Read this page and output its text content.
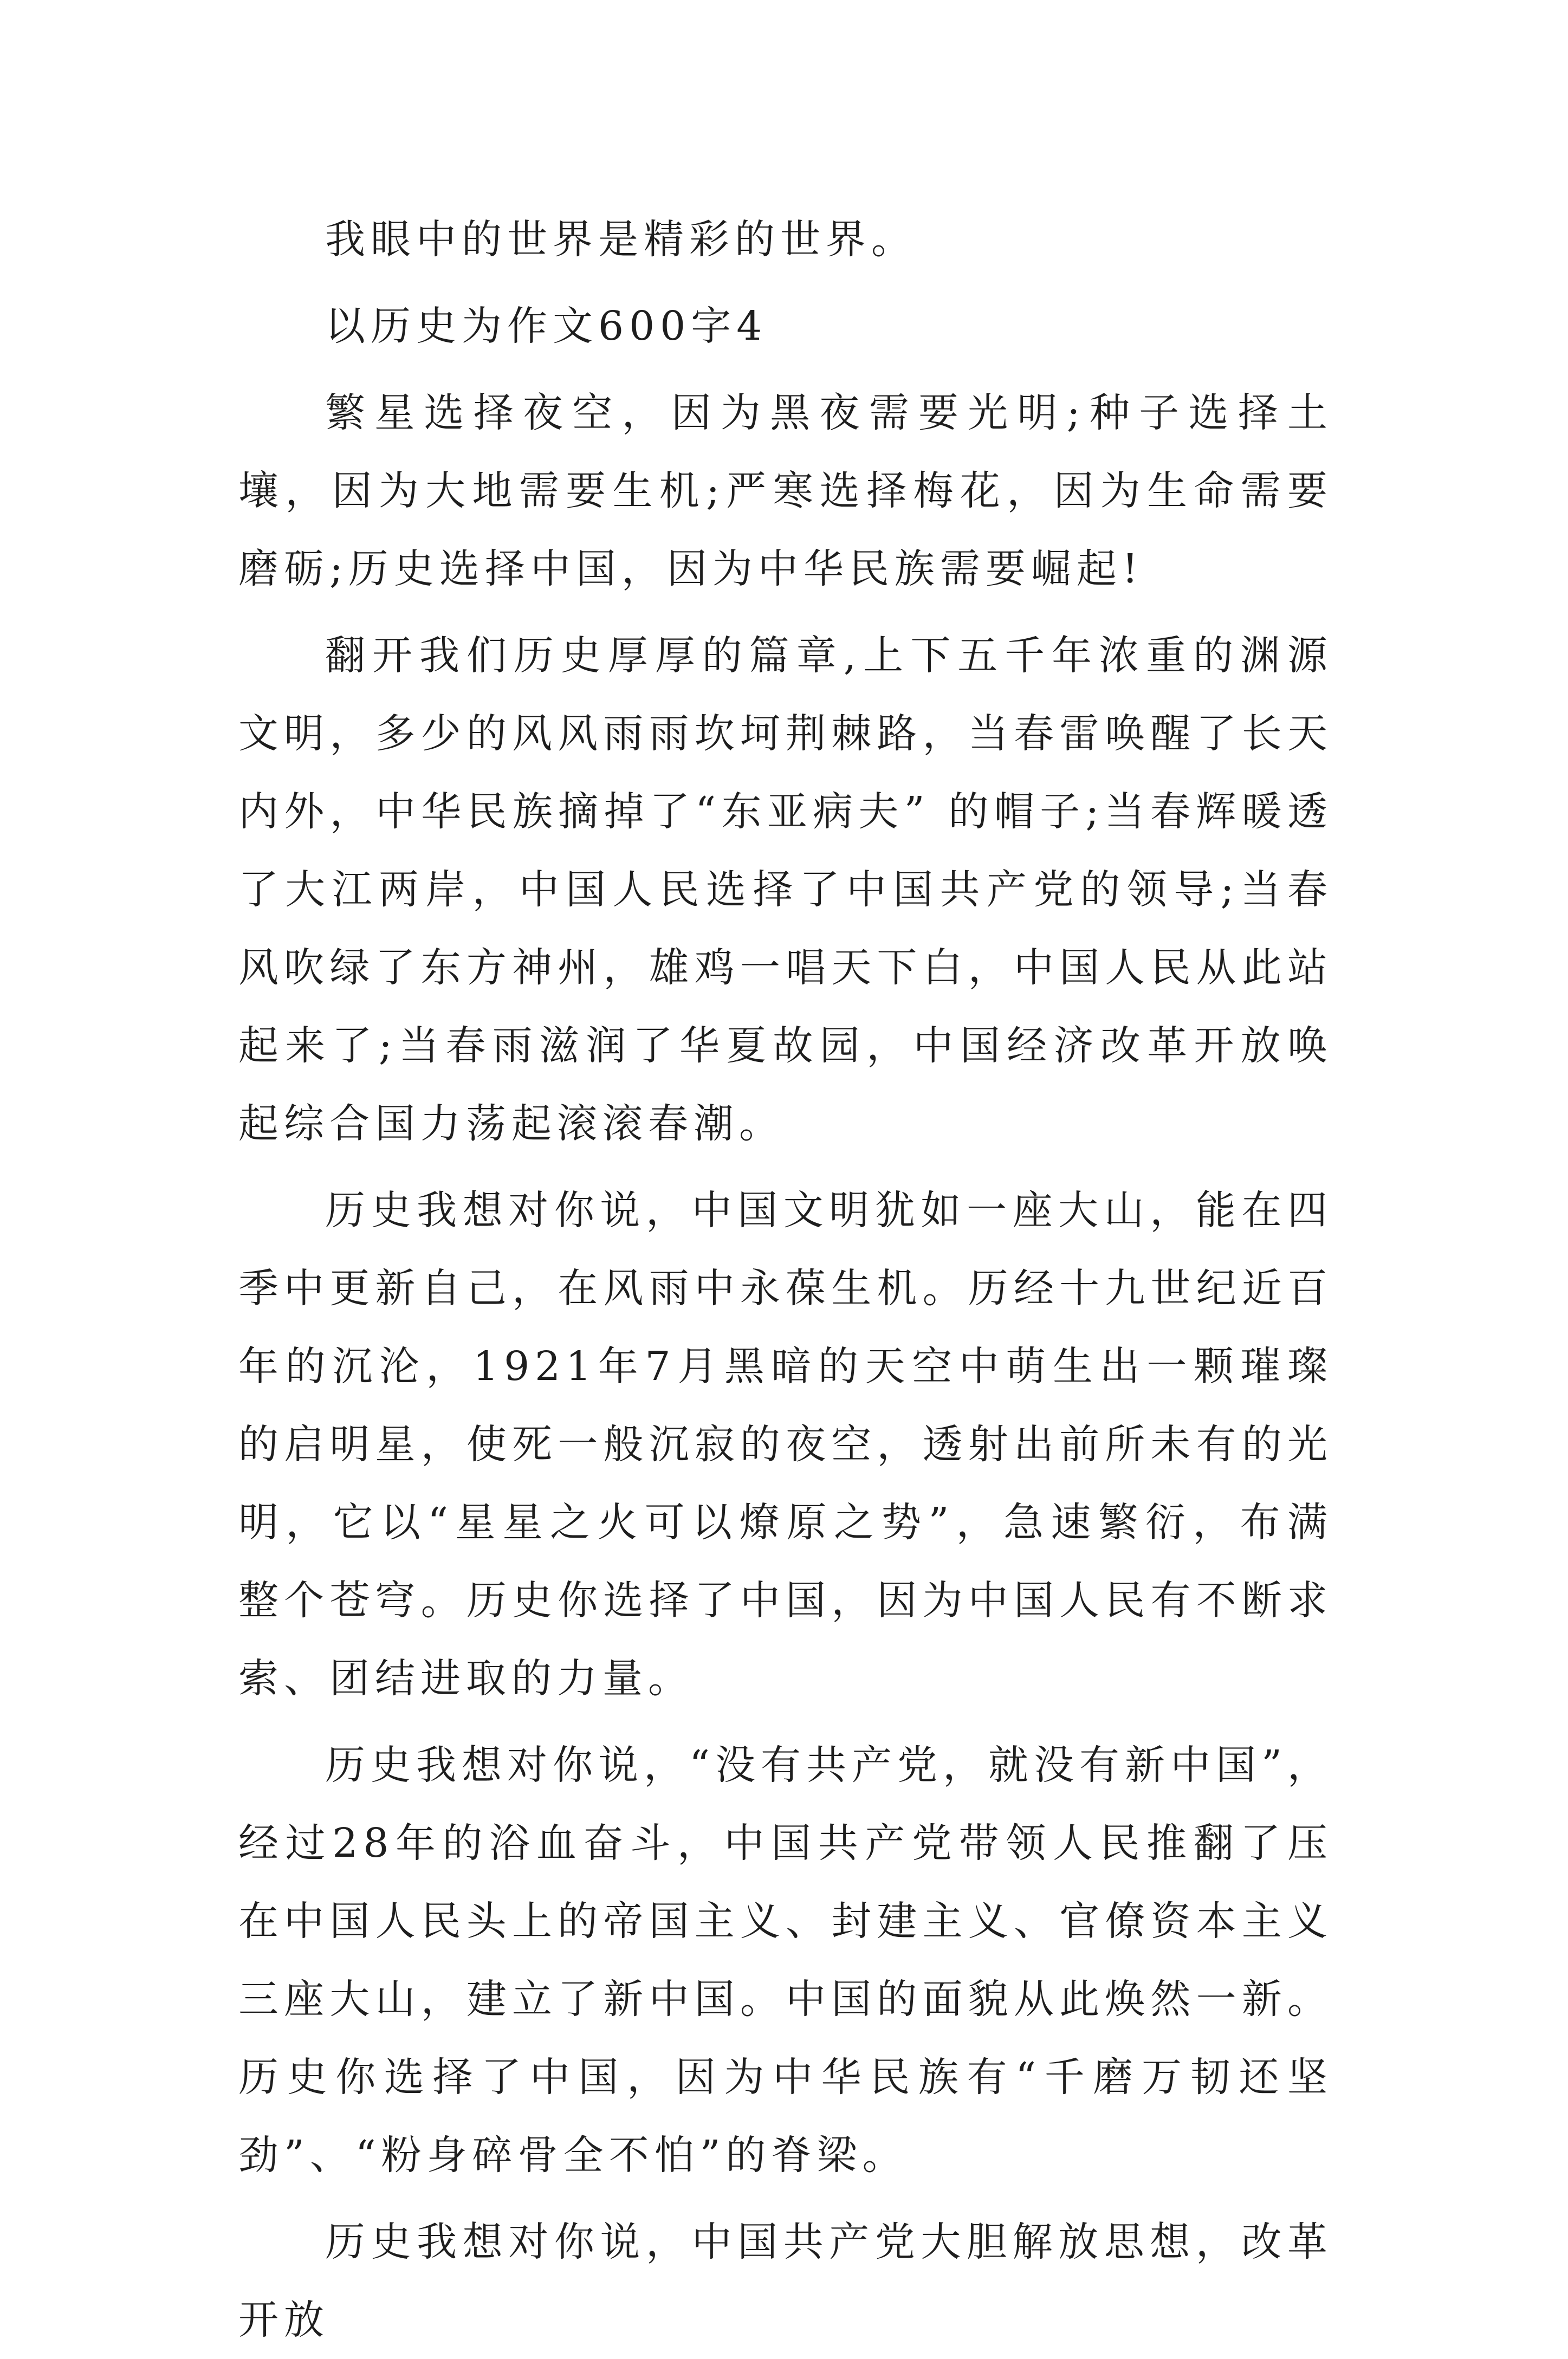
我眼中的世界是精彩的世界。

以历史为作文600字4

繁星选择夜空，因为黑夜需要光明;种子选择土壤，因为大地需要生机;严寒选择梅花，因为生命需要磨砺;历史选择中国，因为中华民族需要崛起!

翻开我们历史厚厚的篇章,上下五千年浓重的渊源文明，多少的风风雨雨坎坷荆棘路，当春雷唤醒了长天内外，中华民族摘掉了“东亚病夫” 的帽子;当春辉暖透了大江两岸，中国人民选择了中国共产党的领导;当春风吹绿了东方神州，雄鸡一唱天下白，中国人民从此站起来了;当春雨滋润了华夏故园，中国经济改革开放唤起综合国力荡起滚滚春潮。

历史我想对你说，中国文明犹如一座大山，能在四季中更新自己，在风雨中永葆生机。历经十九世纪近百年的沉沦，1921年7月黑暗的天空中萌生出一颗璀璨的启明星，使死一般沉寂的夜空，透射出前所未有的光明，它以“星星之火可以燎原之势”，急速繁衍，布满整个苍穹。历史你选择了中国，因为中国人民有不断求索、团结进取的力量。

历史我想对你说，“没有共产党，就没有新中国”，经过28年的浴血奋斗，中国共产党带领人民推翻了压在中国人民头上的帝国主义、封建主义、官僚资本主义三座大山，建立了新中国。中国的面貌从此焕然一新。历史你选择了中国，因为中华民族有“千磨万韧还坚劲”、“粉身碎骨全不怕”的脊梁。

历史我想对你说，中国共产党大胆解放思想，改革开放
